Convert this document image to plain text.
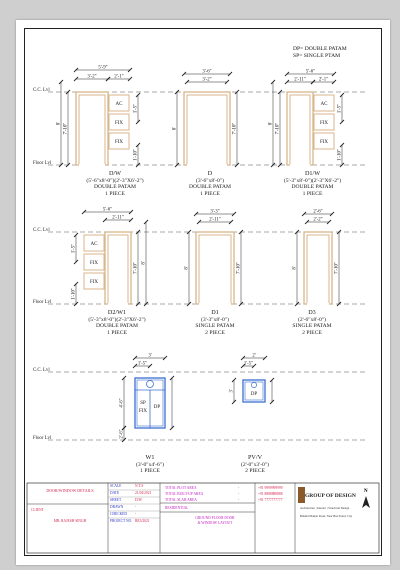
DP= DOUBLE PATAM
SP= SINGLE PTAM
C.C. Lvl
Floor Lvl
C.C. Lvl
Floor Lvl
C.C. Lvl
Floor Lvl
AC
FIX
FIX
5'-9"
3'-2"	2'-1"
7'-10"
8'
1'-5"
1'-10"
3'-6"
3'-2"
8'	7'-10"
AC
FIX
FIX
5'-6"
2'-11"	2'-1"
7'-10"
8'
1'-5"
1'-10"
AC
FIX
FIX
5'-6"
2'-11"
1'-5"
1'-10"
7'-10" 8'
3'-3"
2'-11"
8'	7'-10"
2'-6"
2'-2"
8'	7'-10"
SP
FIX
DP
3'
1'-5"
4'-6"
2'-6"
DP
2'
1'-5"
3'
D/W
(5'-6"x8'-0")(2'-3"X6'-2")
DOUBLE PATAM
1 PIECE
D
(3'-6"x8'-0")
DOUBLE PATAM
1 PIECE
D1/W
(5'-3"x8'-0")(2'-3"X6'-2")
DOUBLE PATAM
1 PIECE
D2/W1
(5'-3"x8'-0")(2'-3"X6'-2")
DOUBLE PATAM
1 PIECE
D1
(3'-3"x8'-0")
SINGLE PATAM
2 PIECE
D3
(2'-6"x8'-0")
SINGLE PATAM
2 PIECE
W1
(3'-0"x4'-6")
1 PIECE
PV/V
(2'-0"x3'-0")
2 PIECE
DOOR/WINDOW DETAILS
CLIENT
MR. RAJESH SINGH
SCALE	N.T.S
DATE	21/04/2021
SHEET	D/W
DRAWN	-
CHECKED -
PROJECT NO. RE3/2021
-
-
-
TOTAL PLOT AREA
TOTAL BUILT-UP AREA
TOTAL SLAB AREA
RESIDENTIAL
GROUND FLOOR DOOR
& WINDOW LAYOUT
+91 9999999999
+91 8888888888
+91 7777777777
GROUP OF DESIGN
Architecture | Interior | Structural Design
Behind Market Road, Near Bus Stand, City
N
